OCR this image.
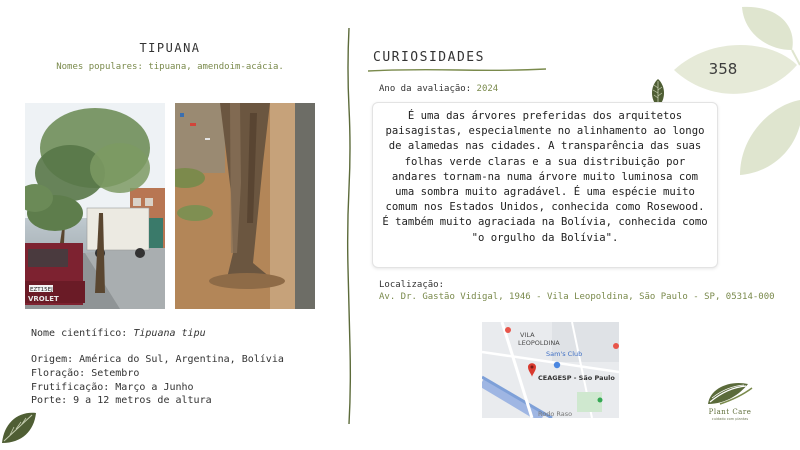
TIPUANA
Nomes populares: tipuana, amendoim-acácia.
EZT15EJ
VROLET
Nome científico: Tipuana tipu
Origem: América do Sul, Argentina, Bolívia
Floração: Setembro
Frutificação: Março a Junho
Porte: 9 a 12 metros de altura
CURIOSIDADES
Ano da avaliação: 2024
É uma das árvores preferidas dos arquitetos paisagistas, especialmente no alinhamento ao longo de alamedas nas cidades. A transparência das suas folhas verde claras e a sua distribuição por andares tornam-na numa árvore muito luminosa com uma sombra muito agradável. É uma espécie muito comum nos Estados Unidos, conhecida como Rosewood. É também muito agraciada na Bolívia, conhecida como "o orgulho da Bolívia".
Localização:
Av. Dr. Gastão Vidigal, 1946 - Vila Leopoldina, São Paulo - SP, 05314-000
VILA
LEOPOLDINA
Sam's Club
CEAGESP - São Paulo
Rodo Raso
358
Plant Care
cuidado com plantas
